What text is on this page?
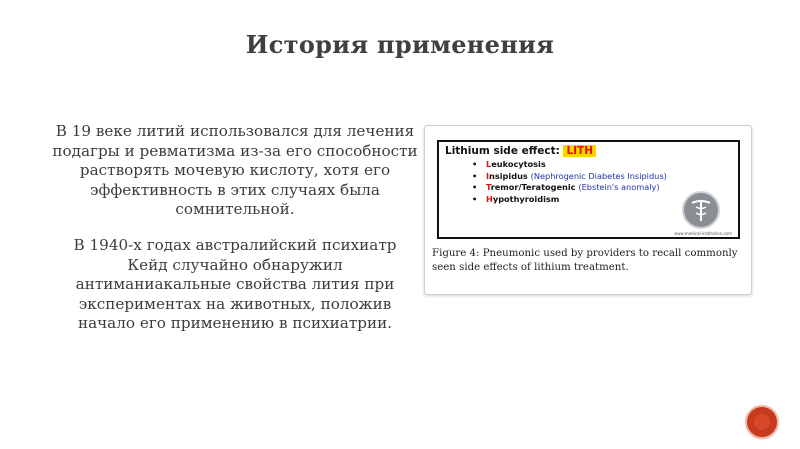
История применения

В 19 веке литий использовался для лечения подагры и ревматизма из-за его способности растворять мочевую кислоту, хотя его эффективность в этих случаях была сомнительной.

В 1940-х годах австралийский психиатр Кейд случайно обнаружил антиманиакальные свойства лития при экспериментах на животных, положив начало его применению в психиатрии.

Lithium side effect: LITH
• Leukocytosis
• Insipidus (Nephrogenic Diabetes Insipidus)
• Tremor/Teratogenic (Ebstein's anomaly)
• Hypothyroidism
www.medical-institution.com
Figure 4: Pneumonic used by providers to recall commonly seen side effects of lithium treatment.
